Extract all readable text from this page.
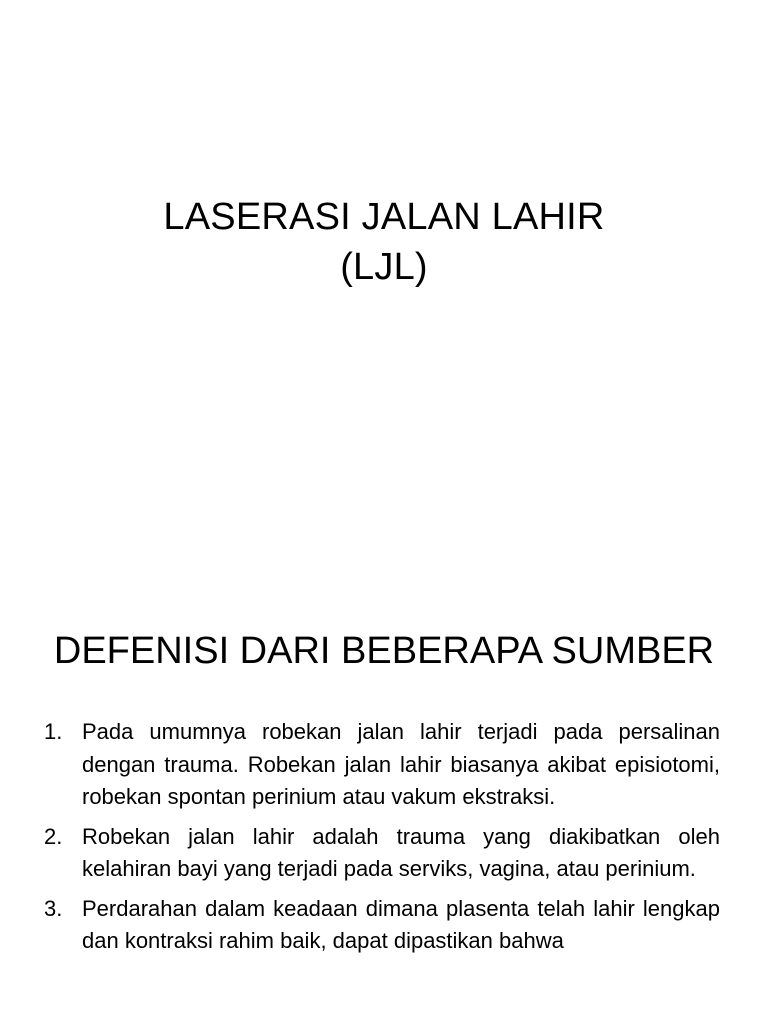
LASERASI JALAN LAHIR
(LJL)
DEFENISI DARI BEBERAPA SUMBER
1. Pada umumnya robekan jalan lahir terjadi pada persalinan dengan trauma. Robekan jalan lahir biasanya akibat episiotomi, robekan spontan perinium atau vakum ekstraksi.
2. Robekan jalan lahir adalah trauma yang diakibatkan oleh kelahiran bayi yang terjadi pada serviks, vagina, atau perinium.
3. Perdarahan dalam keadaan dimana plasenta telah lahir lengkap dan kontraksi rahim baik, dapat dipastikan bahwa
